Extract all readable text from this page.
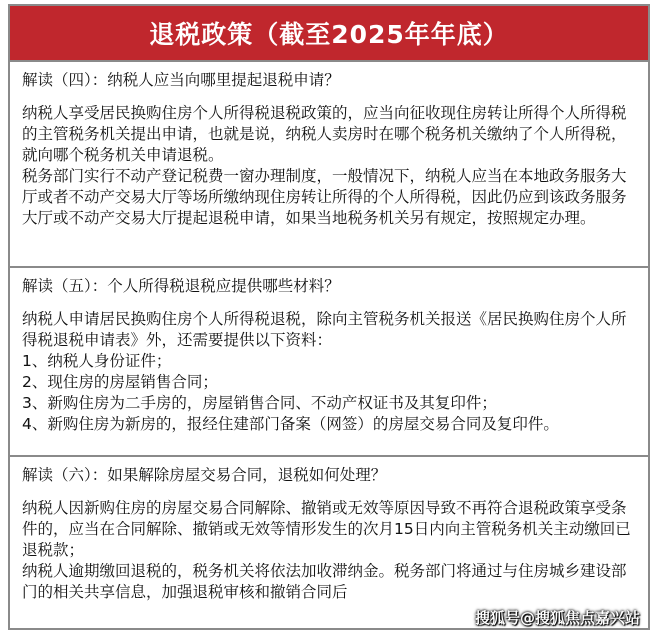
退税政策（截至2025年年底）

解读（四）：纳税人应当向哪里提起退税申请？

纳税人享受居民换购住房个人所得税退税政策的，应当向征收现住房转让所得个人所得税的主管税务机关提出申请，也就是说，纳税人卖房时在哪个税务机关缴纳了个人所得税，就向哪个税务机关申请退税。

税务部门实行不动产登记税费一窗办理制度，一般情况下，纳税人应当在本地政务服务大厅或者不动产交易大厅等场所缴纳现住房转让所得的个人所得税，因此仍应到该政务服务大厅或不动产交易大厅提起退税申请，如果当地税务机关另有规定，按照规定办理。

解读（五）：个人所得税退税应提供哪些材料？

纳税人申请居民换购住房个人所得税退税，除向主管税务机关报送《居民换购住房个人所得税退税申请表》外，还需要提供以下资料：

1、纳税人身份证件；

2、现住房的房屋销售合同；

3、新购住房为二手房的，房屋销售合同、不动产权证书及其复印件；

4、新购住房为新房的，报经住建部门备案（网签）的房屋交易合同及复印件。

解读（六）：如果解除房屋交易合同，退税如何处理？

纳税人因新购住房的房屋交易合同解除、撤销或无效等原因导致不再符合退税政策享受条件的，应当在合同解除、撤销或无效等情形发生的次月15日内向主管税务机关主动缴回已退税款；

纳税人逾期缴回退税的，税务机关将依法加收滞纳金。税务部门将通过与住房城乡建设部门的相关共享信息，加强退税审核和撤销合同后

搜狐号@搜狐焦点嘉兴站
